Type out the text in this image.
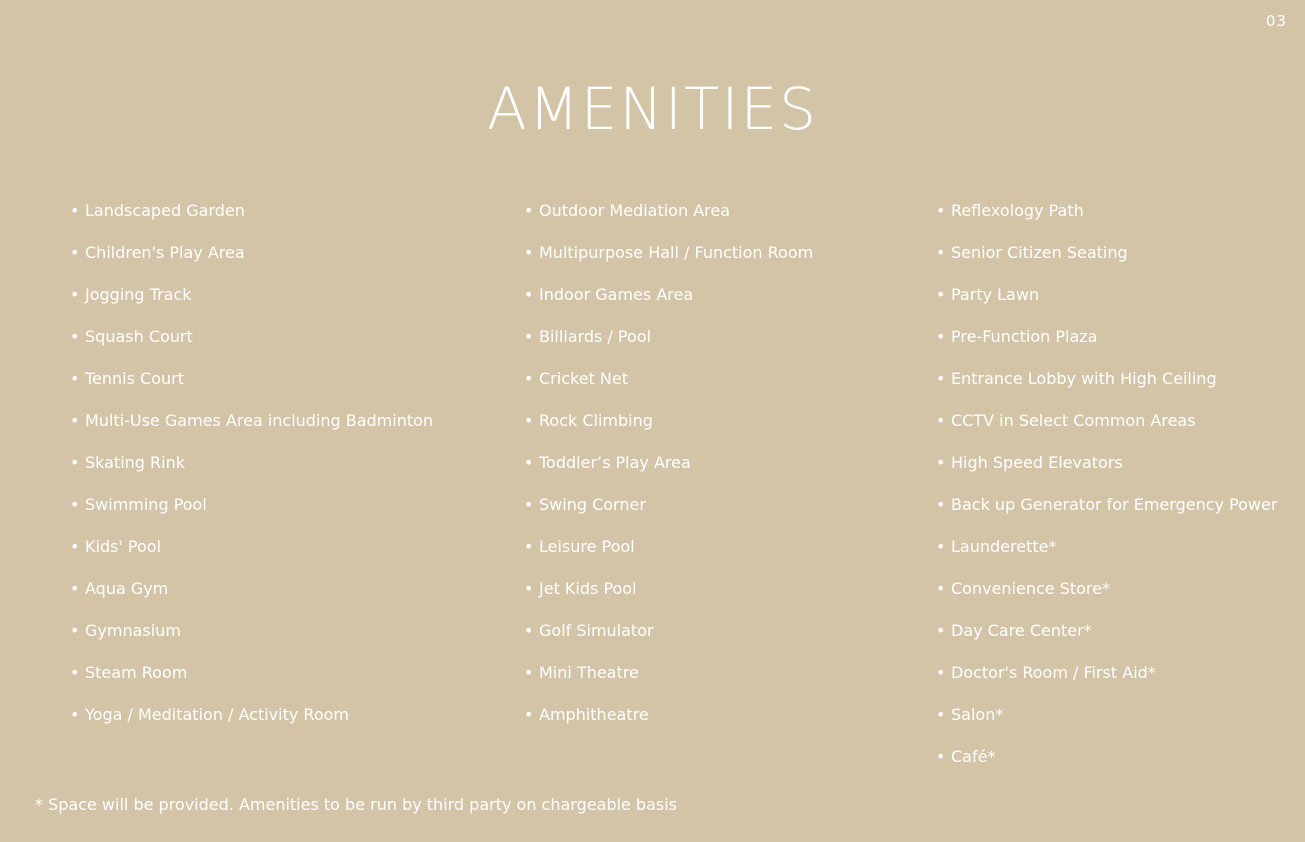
03
AMENITIES
• Landscaped Garden
• Children's Play Area
• Jogging Track
• Squash Court
• Tennis Court
• Multi-Use Games Area including Badminton
• Skating Rink
• Swimming Pool
• Kids' Pool
• Aqua Gym
• Gymnasium
• Steam Room
• Yoga / Meditation / Activity Room
• Outdoor Mediation Area
• Multipurpose Hall / Function Room
• Indoor Games Area
• Billiards / Pool
• Cricket Net
• Rock Climbing
• Toddler’s Play Area
• Swing Corner
• Leisure Pool
• Jet Kids Pool
• Golf Simulator
• Mini Theatre
• Amphitheatre
• Reflexology Path
• Senior Citizen Seating
• Party Lawn
• Pre-Function Plaza
• Entrance Lobby with High Ceiling
• CCTV in Select Common Areas
• High Speed Elevators
• Back up Generator for Emergency Power
• Launderette*
• Convenience Store*
• Day Care Center*
• Doctor's Room / First Aid*
• Salon*
• Café*
* Space will be provided. Amenities to be run by third party on chargeable basis
